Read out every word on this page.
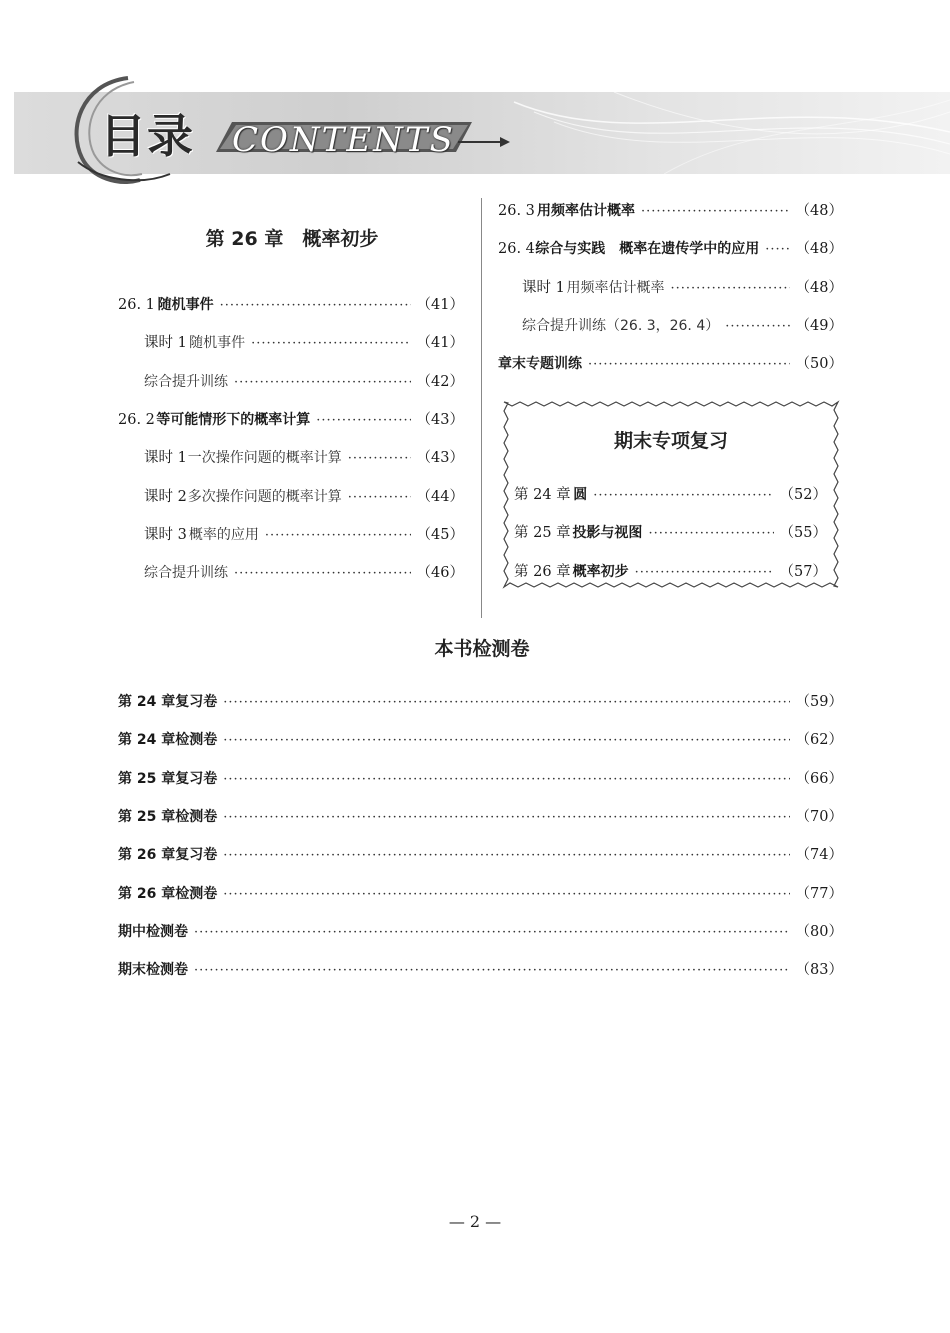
目录 CONTENTS
第 26 章　概率初步
26. 1 随机事件 ·····	（41）
课时 1 随机事件 ·····	（41）
综合提升训练 ·····	（42）
26. 2 等可能情形下的概率计算 ·····	（43）
课时 1 一次操作问题的概率计算 ·····	（43）
课时 2 多次操作问题的概率计算 ·····	（44）
课时 3 概率的应用 ·····	（45）
综合提升训练 ·····	（46）
26. 3 用频率估计概率 ·····	（48）
26. 4 综合与实践　概率在遗传学中的应用 ·····	（48）
课时 1 用频率估计概率 ·····	（48）
综合提升训练（26. 3，26. 4） ·····	（49）
章末专题训练 ·····	（50）
期末专项复习
第 24 章 圆 ·····	（52）
第 25 章 投影与视图 ·····	（55）
第 26 章 概率初步 ·····	（57）
本书检测卷
第 24 章复习卷 ·····	（59）
第 24 章检测卷 ·····	（62）
第 25 章复习卷 ·····	（66）
第 25 章检测卷 ·····	（70）
第 26 章复习卷 ·····	（74）
第 26 章检测卷 ·····	（77）
期中检测卷 ·····	（80）
期末检测卷 ·····	（83）
— 2 —
